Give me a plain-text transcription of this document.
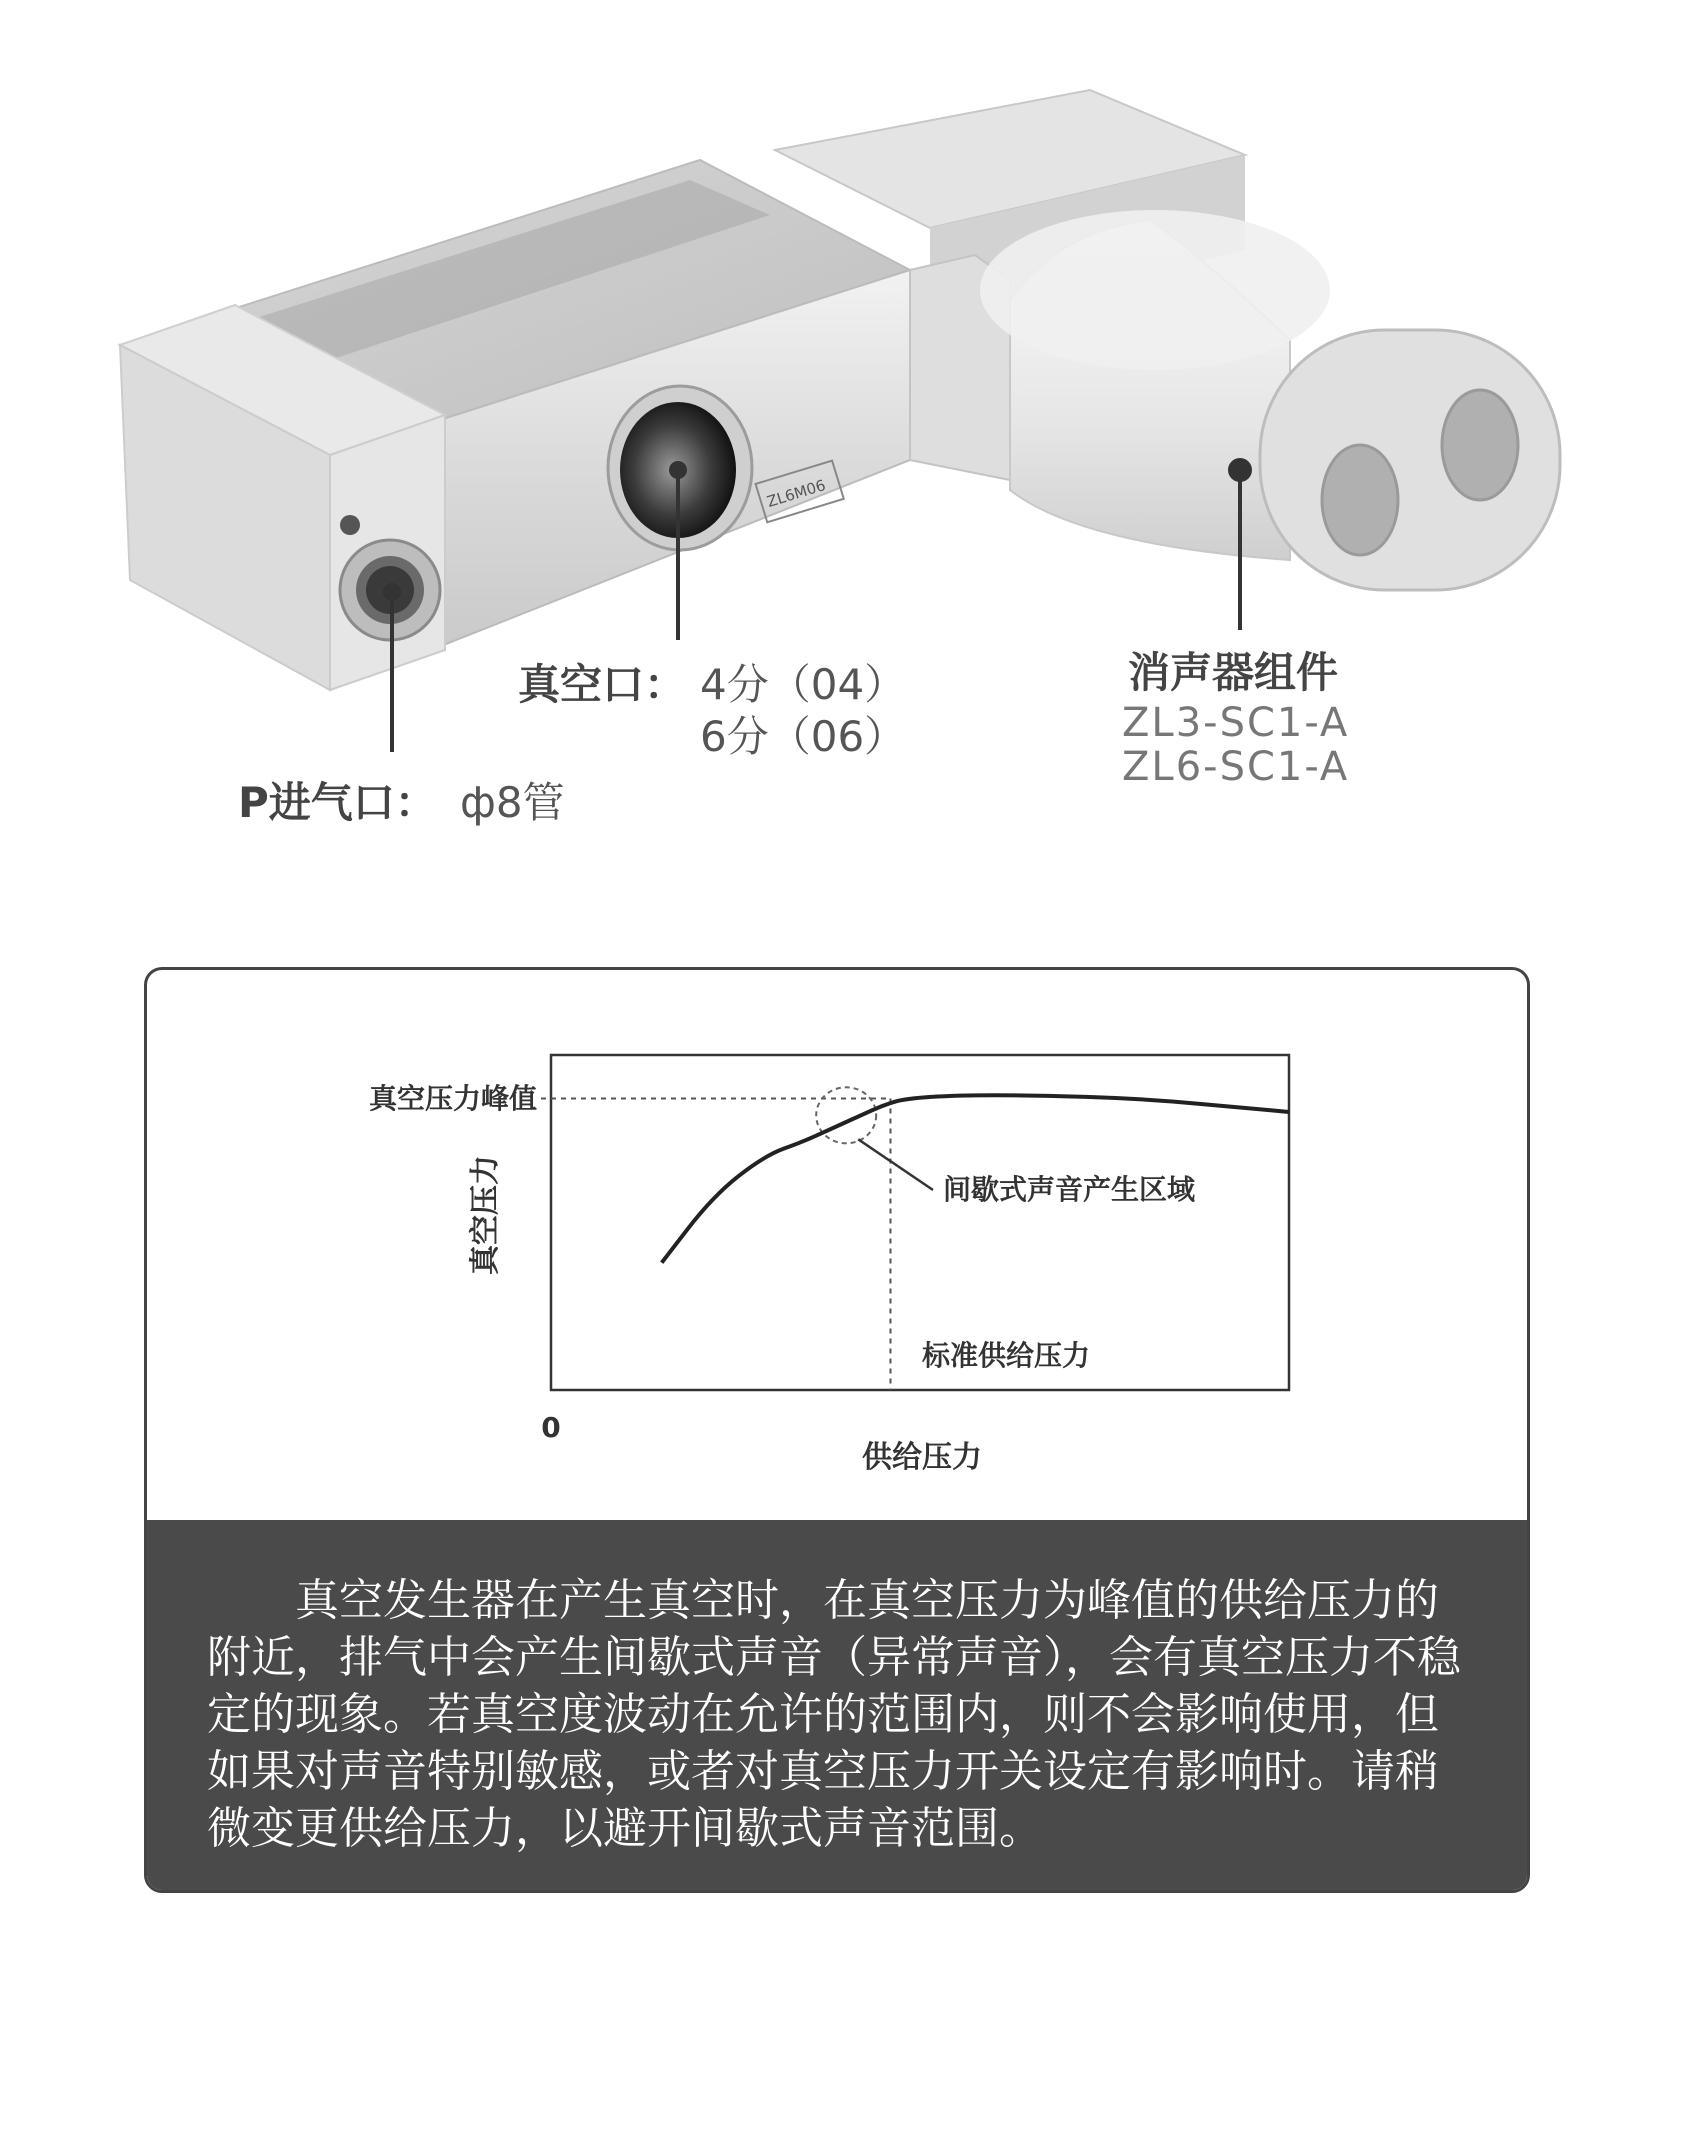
ZL6M06
P进气口： ф8管
真空口： 4分（04）
6分（06）
消声器组件
ZL3-SC1-A
ZL6-SC1-A
真空压力峰值
真空压力	间歇式声音产生区域
标准供给压力
0
供给压力

真空发生器在产生真空时，在真空压力为峰值的供给压力的附近，排气中会产生间歇式声音（异常声音），会有真空压力不稳定的现象。若真空度波动在允许的范围内，则不会影响使用，但如果对声音特别敏感，或者对真空压力开关设定有影响时。请稍微变更供给压力，以避开间歇式声音范围。
